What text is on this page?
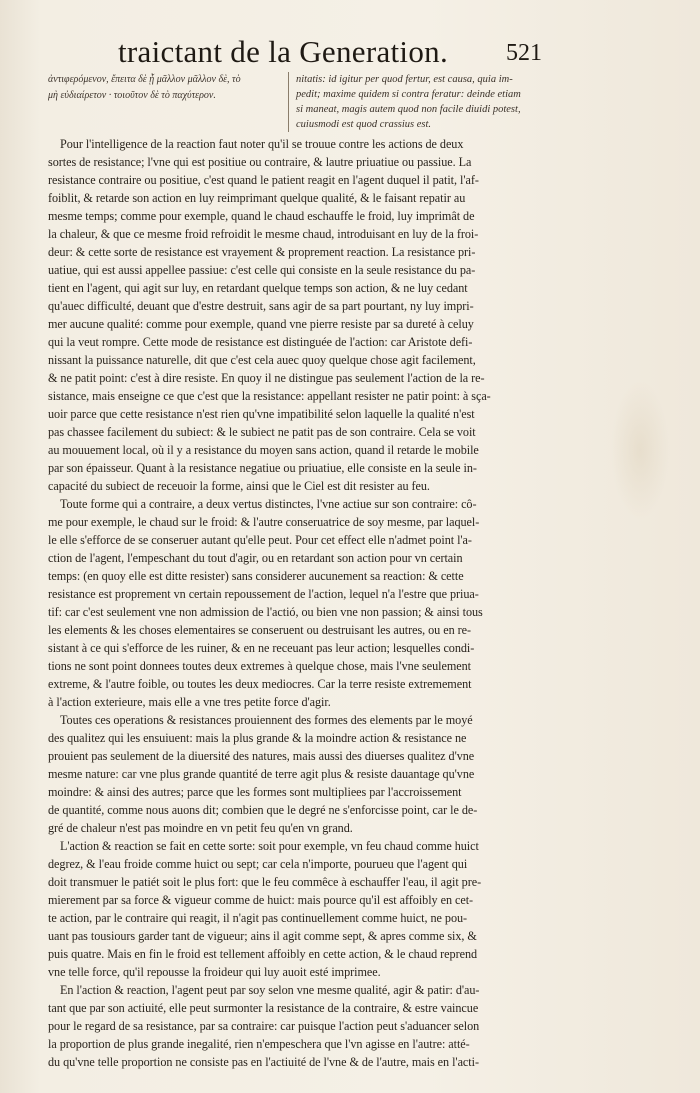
traictant de la Generation. 521
ἀντιφερόμενον, ἔπειτα δὲ ᾗ μᾶλλον μᾶλλον δὲ, τὸ
μὴ εὐδιαίρετον · τοιοῦτον δὲ τὸ παχύτερον.
nitatis: id igitur per quod fertur, est causa, quia im-
pedit; maxime quidem si contra feratur: deinde etiam
si maneat, magis autem quod non facile diuidi potest,
cuiusmodi est quod crassius est.
Pour l'intelligence de la reaction faut noter qu'il se trouue contre les actions de deux
sortes de resistance; l'vne qui est positiue ou contraire, & lautre priuatiue ou passiue. La
resistance contraire ou positiue, c'est quand le patient reagit en l'agent duquel il patit, l'af-
foiblit, & retarde son action en luy reimprimant quelque qualité, & le faisant repatir au
mesme temps; comme pour exemple, quand le chaud eschauffe le froid, luy imprimât de
la chaleur, & que ce mesme froid refroidit le mesme chaud, introduisant en luy de la froi-
deur: & cette sorte de resistance est vrayement & proprement reaction. La resistance pri-
uatiue, qui est aussi appellee passiue: c'est celle qui consiste en la seule resistance du pa-
tient en l'agent, qui agit sur luy, en retardant quelque temps son action, & ne luy cedant
qu'auec difficulté, deuant que d'estre destruit, sans agir de sa part pourtant, ny luy impri-
mer aucune qualité: comme pour exemple, quand vne pierre resiste par sa dureté à celuy
qui la veut rompre. Cette mode de resistance est distinguée de l'action: car Aristote defi-
nissant la puissance naturelle, dit que c'est cela auec quoy quelque chose agit facilement,
& ne patit point: c'est à dire resiste. En quoy il ne distingue pas seulement l'action de la re-
sistance, mais enseigne ce que c'est que la resistance: appellant resister ne patir point: à sça-
uoir parce que cette resistance n'est rien qu'vne impatibilité selon laquelle la qualité n'est
pas chassee facilement du subiect: & le subiect ne patit pas de son contraire. Cela se voit
au mouuement local, où il y a resistance du moyen sans action, quand il retarde le mobile
par son épaisseur. Quant à la resistance negatiue ou priuatiue, elle consiste en la seule in-
capacité du subiect de receuoir la forme, ainsi que le Ciel est dit resister au feu.
Toute forme qui a contraire, a deux vertus distinctes, l'vne actiue sur son contraire: cô-
me pour exemple, le chaud sur le froid: & l'autre conseruatrice de soy mesme, par laquel-
le elle s'efforce de se conseruer autant qu'elle peut. Pour cet effect elle n'admet point l'a-
ction de l'agent, l'empeschant du tout d'agir, ou en retardant son action pour vn certain
temps: (en quoy elle est ditte resister) sans considerer aucunement sa reaction: & cette
resistance est proprement vn certain repoussement de l'action, lequel n'a l'estre que priua-
tif: car c'est seulement vne non admission de l'actió, ou bien vne non passion; & ainsi tous
les elements & les choses elementaires se conseruent ou destruisant les autres, ou en re-
sistant à ce qui s'efforce de les ruiner, & en ne receuant pas leur action; lesquelles condi-
tions ne sont point donnees toutes deux extremes à quelque chose, mais l'vne seulement
extreme, & l'autre foible, ou toutes les deux mediocres. Car la terre resiste extremement
à l'action exterieure, mais elle a vne tres petite force d'agir.
Toutes ces operations & resistances prouiennent des formes des elements par le moyé
des qualitez qui les ensuiuent: mais la plus grande & la moindre action & resistance ne
prouient pas seulement de la diuersité des natures, mais aussi des diuerses qualitez d'vne
mesme nature: car vne plus grande quantité de terre agit plus & resiste dauantage qu'vne
moindre: & ainsi des autres; parce que les formes sont multipliees par l'accroissement
de quantité, comme nous auons dit; combien que le degré ne s'enforcisse point, car le de-
gré de chaleur n'est pas moindre en vn petit feu qu'en vn grand.
L'action & reaction se fait en cette sorte: soit pour exemple, vn feu chaud comme huict
degrez, & l'eau froide comme huict ou sept; car cela n'importe, pourueu que l'agent qui
doit transmuer le patiét soit le plus fort: que le feu commêce à eschauffer l'eau, il agit pre-
mierement par sa force & vigueur comme de huict: mais pource qu'il est affoibly en cet-
te action, par le contraire qui reagit, il n'agit pas continuellement comme huict, ne pou-
uant pas tousiours garder tant de vigueur; ains il agit comme sept, & apres comme six, &
puis quatre. Mais en fin le froid est tellement affoibly en cette action, & le chaud reprend
vne telle force, qu'il repousse la froideur qui luy auoit esté imprimee.
En l'action & reaction, l'agent peut par soy selon vne mesme qualité, agir & patir: d'au-
tant que par son actiuité, elle peut surmonter la resistance de la contraire, & estre vaincue
pour le regard de sa resistance, par sa contraire: car puisque l'action peut s'aduancer selon
la proportion de plus grande inegalité, rien n'empeschera que l'vn agisse en l'autre: atté-
du qu'vne telle proportion ne consiste pas en l'actiuité de l'vne & de l'autre, mais en l'acti-
